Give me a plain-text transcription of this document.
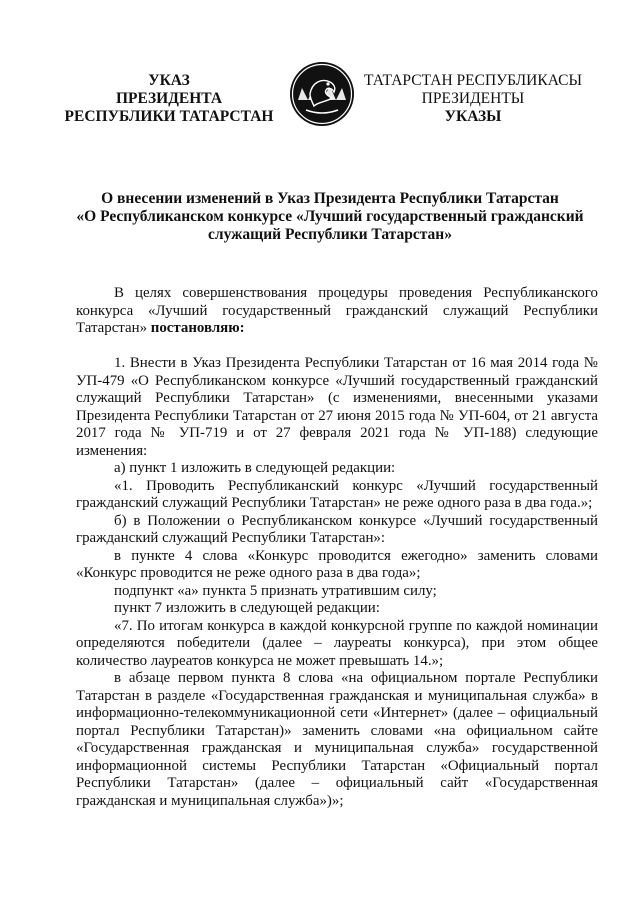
УКАЗ
ПРЕЗИДЕНТА
РЕСПУБЛИКИ ТАТАРСТАН
ТАТАРСТАН РЕСПУБЛИКАСЫ
ПРЕЗИДЕНТЫ
УКАЗЫ
О внесении изменений в Указ Президента Республики Татарстан
«О Республиканском конкурсе «Лучший государственный гражданский
служащий Республики Татарстан»

В целях совершенствования процедуры проведения Республиканского конкурса «Лучший государственный гражданский служащий Республики Татарстан» постановляю:

1. Внести в Указ Президента Республики Татарстан от 16 мая 2014 года № УП-479 «О Республиканском конкурсе «Лучший государственный гражданский служащий Республики Татарстан» (с изменениями, внесенными указами Президента Республики Татарстан от 27 июня 2015 года № УП-604, от 21 августа 2017 года № УП-719 и от 27 февраля 2021 года № УП-188) следующие изменения:

а) пункт 1 изложить в следующей редакции:

«1. Проводить Республиканский конкурс «Лучший государственный гражданский служащий Республики Татарстан» не реже одного раза в два года.»;

б) в Положении о Республиканском конкурсе «Лучший государственный гражданский служащий Республики Татарстан»:

в пункте 4 слова «Конкурс проводится ежегодно» заменить словами «Конкурс проводится не реже одного раза в два года»;

подпункт «а» пункта 5 признать утратившим силу;

пункт 7 изложить в следующей редакции:

«7. По итогам конкурса в каждой конкурсной группе по каждой номинации определяются победители (далее – лауреаты конкурса), при этом общее количество лауреатов конкурса не может превышать 14.»;

в абзаце первом пункта 8 слова «на официальном портале Республики Татарстан в разделе «Государственная гражданская и муниципальная служба» в информационно-телекоммуникационной сети «Интернет» (далее – официальный портал Республики Татарстан)» заменить словами «на официальном сайте «Государственная гражданская и муниципальная служба» государственной информационной системы Республики Татарстан «Официальный портал Республики Татарстан» (далее – официальный сайт «Государственная гражданская и муниципальная служба»)»;
